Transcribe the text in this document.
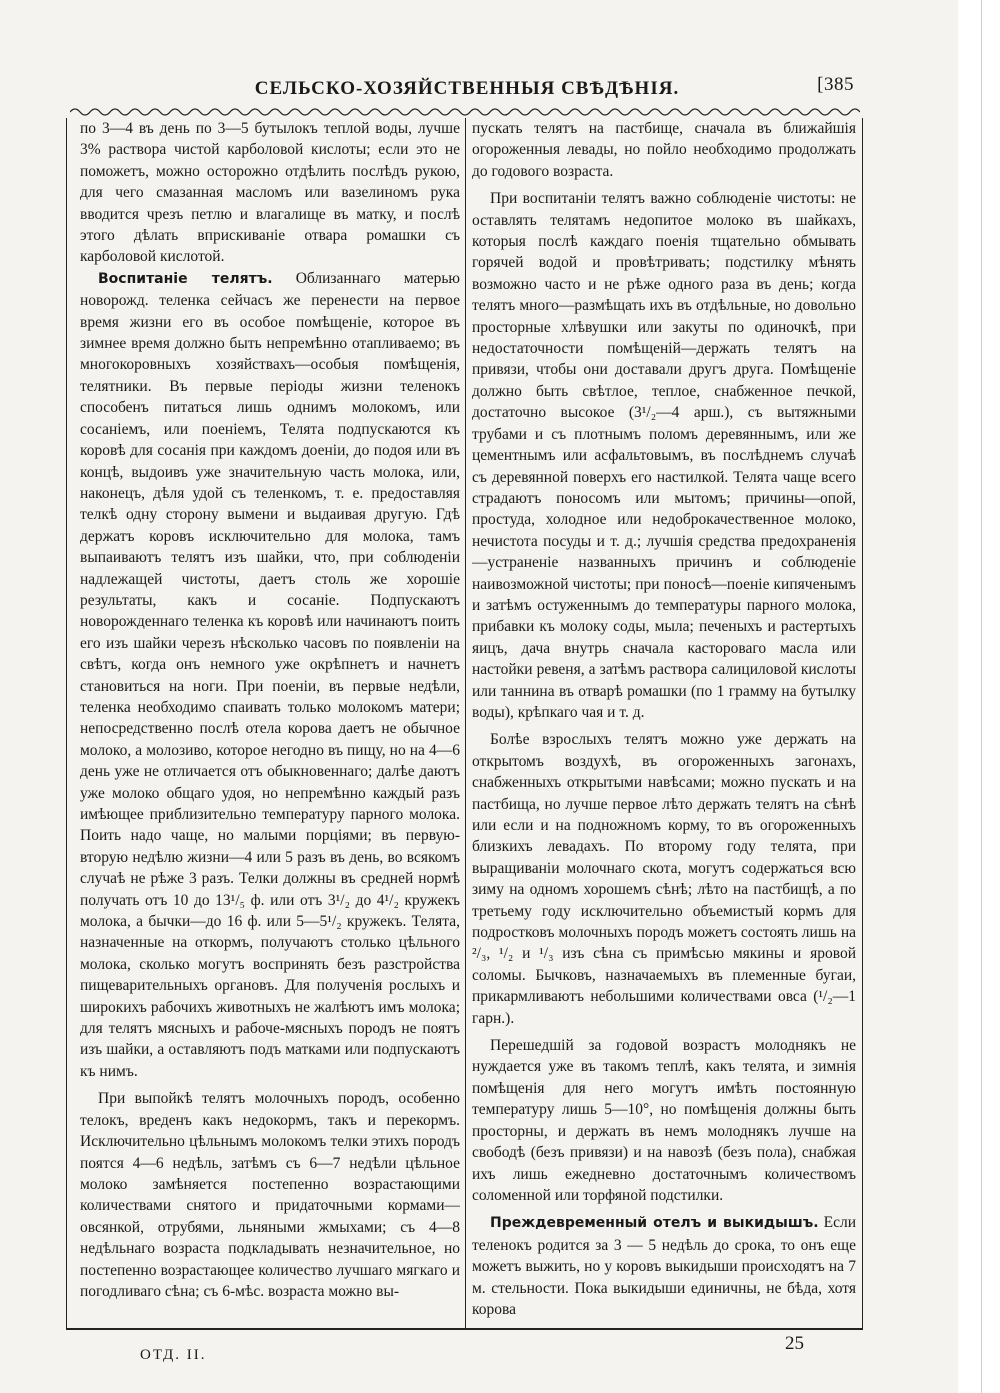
СЕЛЬСКО-ХОЗЯЙСТВЕННЫЯ СВѢДѢНІЯ.	[385

по 3—4 въ день по 3—5 бутылокъ теплой воды, лучше 3% раствора чистой карболовой кислоты; если это не поможетъ, можно осторожно отдѣлить послѣдъ рукою, для чего смазанная масломъ или вазелиномъ рука вводится чрезъ петлю и влагалище въ матку, и послѣ этого дѣлать вприскиваніе отвара ромашки съ карболовой кислотой.

Воспитаніе телятъ. Облизаннаго матерью новорожд. теленка сейчасъ же перенести на первое время жизни его въ особое помѣщеніе, которое въ зимнее время должно быть непремѣнно отапливаемо; въ многокоровныхъ хозяйствахъ—особыя помѣщенія, телятники. Въ первые періоды жизни теленокъ способенъ питаться лишь однимъ молокомъ, или сосаніемъ, или поеніемъ, Телята подпускаются къ коровѣ для сосанія при каждомъ доеніи, до подоя или въ концѣ, выдоивъ уже значительную часть молока, или, наконецъ, дѣля удой съ теленкомъ, т. е. предоставляя телкѣ одну сторону вымени и выдаивая другую. Гдѣ держатъ коровъ исключительно для молока, тамъ выпаиваютъ телятъ изъ шайки, что, при соблюденіи надлежащей чистоты, даетъ столь же хорошіе результаты, какъ и сосаніе. Подпускаютъ новорожденнаго теленка къ коровѣ или начинаютъ поить его изъ шайки черезъ нѣсколько часовъ по появленіи на свѣтъ, когда онъ немного уже окрѣпнетъ и начнетъ становиться на ноги. При поеніи, въ первые недѣли, теленка необходимо спаивать только молокомъ матери; непосредственно послѣ отела корова даетъ не обычное молоко, а молозиво, которое негодно въ пищу, но на 4—6 день уже не отличается отъ обыкновеннаго; далѣе даютъ уже молоко общаго удоя, но непремѣнно каждый разъ имѣющее приблизительно температуру парного молока. Поить надо чаще, но малыми порціями; въ первую-вторую недѣлю жизни—4 или 5 разъ въ день, во всякомъ случаѣ не рѣже 3 разъ. Телки должны въ средней нормѣ получать отъ 10 до 13¹/₅ ф. или отъ 3¹/₂ до 4¹/₂ кружекъ молока, а бычки—до 16 ф. или 5—5¹/₂ кружекъ. Телята, назначенные на откормъ, получаютъ столько цѣльного молока, сколько могутъ воспринять безъ разстройства пищеварительныхъ органовъ. Для полученія рослыхъ и широкихъ рабочихъ животныхъ не жалѣютъ имъ молока; для телятъ мясныхъ и рабоче-мясныхъ породъ не поятъ изъ шайки, а оставляютъ подъ матками или подпускаютъ къ нимъ.

При выпойкѣ телятъ молочныхъ породъ, особенно телокъ, вреденъ какъ недокормъ, такъ и перекормъ. Исключительно цѣльнымъ молокомъ телки этихъ породъ поятся 4—6 недѣль, затѣмъ съ 6—7 недѣли цѣльное молоко замѣняется постепенно возрастающими количествами снятого и придаточными кормами—овсянкой, отрубями, льняными жмыхами; съ 4—8 недѣльнаго возраста подкладывать незначительное, но постепенно возрастающее количество лучшаго мягкаго и погодливаго сѣна; съ 6-мѣс. возраста можно вы-

пускать телятъ на пастбище, сначала въ ближайшія огороженныя левады, но пойло необходимо продолжать до годового возраста.

При воспитаніи телятъ важно соблюденіе чистоты: не оставлять телятамъ недопитое молоко въ шайкахъ, которыя послѣ каждаго поенія тщательно обмывать горячей водой и провѣтривать; подстилку мѣнять возможно часто и не рѣже одного раза въ день; когда телятъ много—размѣщать ихъ въ отдѣльные, но довольно просторные хлѣвушки или закуты по одиночкѣ, при недостаточности помѣщеній—держать телятъ на привязи, чтобы они доставали другъ друга. Помѣщеніе должно быть свѣтлое, теплое, снабженное печкой, достаточно высокое (3¹/₂—4 арш.), съ вытяжными трубами и съ плотнымъ поломъ деревяннымъ, или же цементнымъ или асфальтовымъ, въ послѣднемъ случаѣ съ деревянной поверхъ его настилкой. Телята чаще всего страдаютъ поносомъ или мытомъ; причины—опой, простуда, холодное или недоброкачественное молоко, нечистота посуды и т. д.; лучшія средства предохраненія—устраненіе названныхъ причинъ и соблюденіе наивозможной чистоты; при поносѣ—поеніе кипяченымъ и затѣмъ остуженнымъ до температуры парного молока, прибавки къ молоку соды, мыла; печеныхъ и растертыхъ яицъ, дача внутрь сначала кастороваго масла или настойки ревеня, а затѣмъ раствора салициловой кислоты или таннина въ отварѣ ромашки (по 1 грамму на бутылку воды), крѣпкаго чая и т. д.

Болѣе взрослыхъ телятъ можно уже держать на открытомъ воздухѣ, въ огороженныхъ загонахъ, снабженныхъ открытыми навѣсами; можно пускать и на пастбища, но лучше первое лѣто держать телятъ на сѣнѣ или если и на подножномъ корму, то въ огороженныхъ близкихъ левадахъ. По второму году телята, при выращиваніи молочнаго скота, могутъ содержаться всю зиму на одномъ хорошемъ сѣнѣ; лѣто на пастбищѣ, а по третьему году исключительно объемистый кормъ для подростковъ молочныхъ породъ можетъ состоять лишь на ²/₃, ¹/₂ и ¹/₃ изъ сѣна съ примѣсью мякины и яровой соломы. Бычковъ, назначаемыхъ въ племенные бугаи, прикармливаютъ небольшими количествами овса (¹/₂—1 гарн.).

Перешедшій за годовой возрастъ молоднякъ не нуждается уже въ такомъ теплѣ, какъ телята, и зимнія помѣщенія для него могутъ имѣть постоянную температуру лишь 5—10°, но помѣщенія должны быть просторны, и держать въ немъ молоднякъ лучше на свободѣ (безъ привязи) и на навозѣ (безъ пола), снабжая ихъ лишь ежедневно достаточнымъ количествомъ соломенной или торфяной подстилки.

Преждевременный отелъ и выкидышъ. Если теленокъ родится за 3 — 5 недѣль до срока, то онъ еще можетъ выжить, но у коровъ выкидыши происходятъ на 7 м. стельности. Пока выкидыши единичны, не бѣда, хотя корова

ОТД. II.
25
